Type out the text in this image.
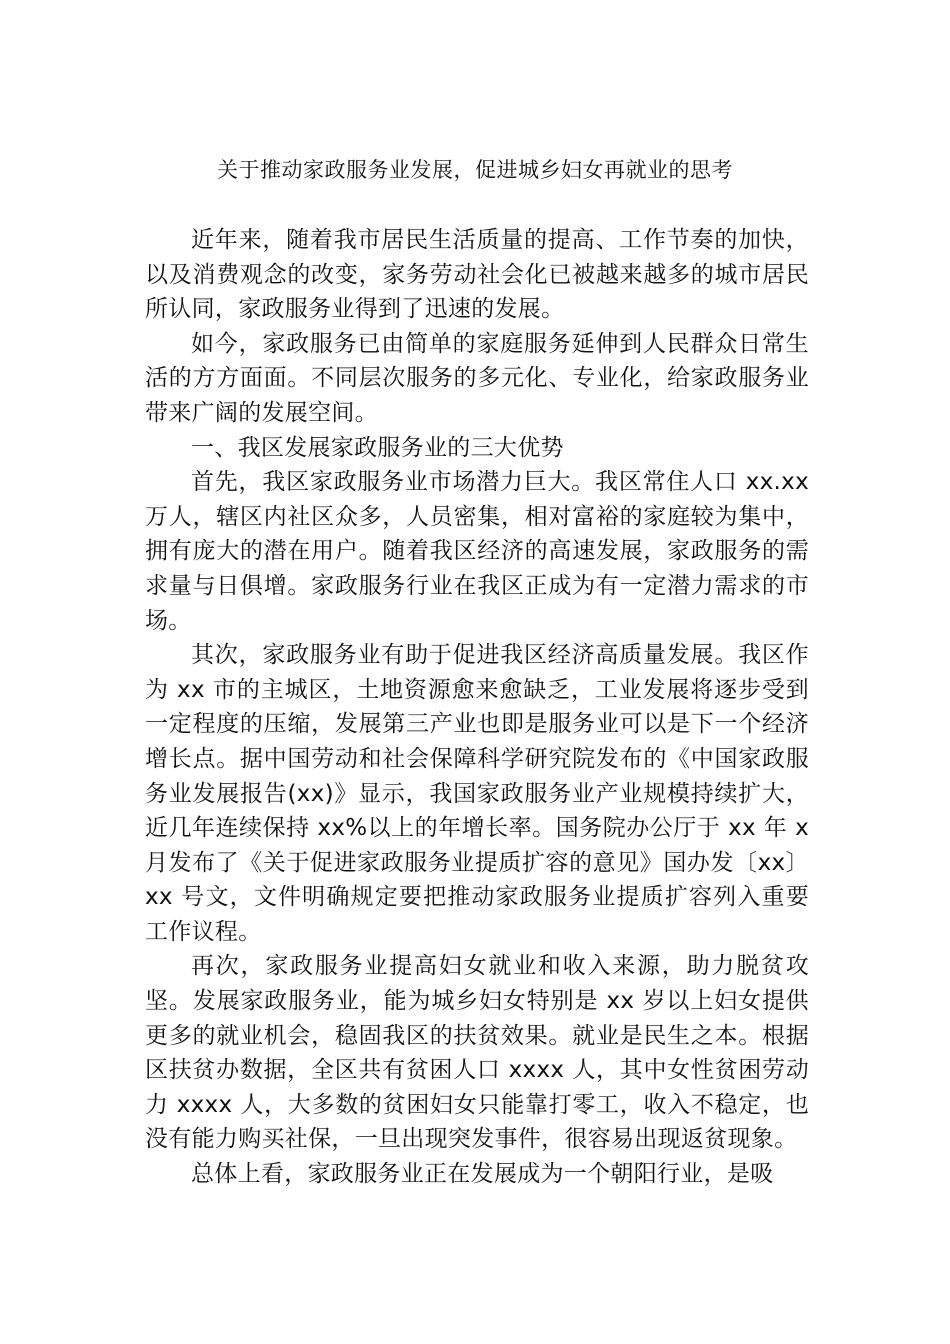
关于推动家政服务业发展，促进城乡妇女再就业的思考

近年来，随着我市居民生活质量的提高、工作节奏的加快，以及消费观念的改变，家务劳动社会化已被越来越多的城市居民所认同，家政服务业得到了迅速的发展。

如今，家政服务已由简单的家庭服务延伸到人民群众日常生活的方方面面。不同层次服务的多元化、专业化，给家政服务业带来广阔的发展空间。

一、我区发展家政服务业的三大优势

首先，我区家政服务业市场潜力巨大。我区常住人口 xx.xx 万人，辖区内社区众多，人员密集，相对富裕的家庭较为集中，拥有庞大的潜在用户。随着我区经济的高速发展，家政服务的需求量与日俱增。家政服务行业在我区正成为有一定潜力需求的市场。

其次，家政服务业有助于促进我区经济高质量发展。我区作为 xx 市的主城区，土地资源愈来愈缺乏，工业发展将逐步受到一定程度的压缩，发展第三产业也即是服务业可以是下一个经济增长点。据中国劳动和社会保障科学研究院发布的《中国家政服务业发展报告(xx)》显示，我国家政服务业产业规模持续扩大，近几年连续保持 xx%以上的年增长率。国务院办公厅于 xx 年 x 月发布了《关于促进家政服务业提质扩容的意见》国办发〔xx〕xx 号文，文件明确规定要把推动家政服务业提质扩容列入重要工作议程。

再次，家政服务业提高妇女就业和收入来源，助力脱贫攻坚。发展家政服务业，能为城乡妇女特别是 xx 岁以上妇女提供更多的就业机会，稳固我区的扶贫效果。就业是民生之本。根据区扶贫办数据，全区共有贫困人口 xxxx 人，其中女性贫困劳动力 xxxx 人，大多数的贫困妇女只能靠打零工，收入不稳定，也没有能力购买社保，一旦出现突发事件，很容易出现返贫现象。

总体上看，家政服务业正在发展成为一个朝阳行业，是吸
